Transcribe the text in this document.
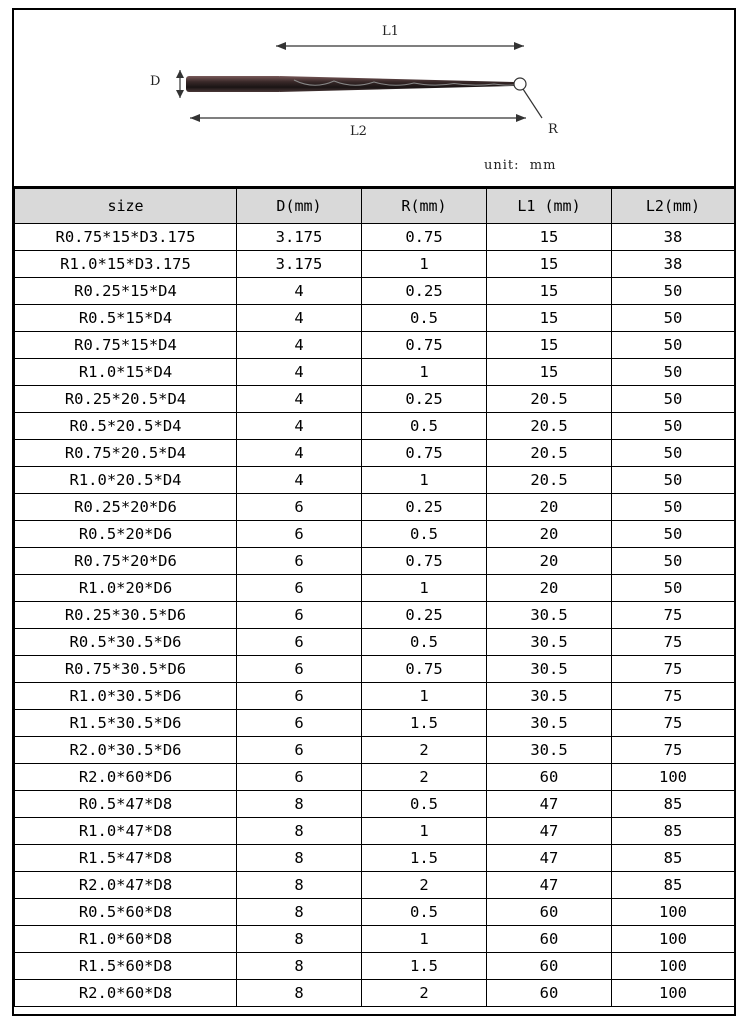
L1
L2
D
R
unit:  mm
size	D(mm)	R(mm)	L1 (mm)	L2(mm)
R0.75*15*D3.175	3.175	0.75	15	38
R1.0*15*D3.175	3.175	1	15	38
R0.25*15*D4	4	0.25	15	50
R0.5*15*D4	4	0.5	15	50
R0.75*15*D4	4	0.75	15	50
R1.0*15*D4	4	1	15	50
R0.25*20.5*D4	4	0.25	20.5	50
R0.5*20.5*D4	4	0.5	20.5	50
R0.75*20.5*D4	4	0.75	20.5	50
R1.0*20.5*D4	4	1	20.5	50
R0.25*20*D6	6	0.25	20	50
R0.5*20*D6	6	0.5	20	50
R0.75*20*D6	6	0.75	20	50
R1.0*20*D6	6	1	20	50
R0.25*30.5*D6	6	0.25	30.5	75
R0.5*30.5*D6	6	0.5	30.5	75
R0.75*30.5*D6	6	0.75	30.5	75
R1.0*30.5*D6	6	1	30.5	75
R1.5*30.5*D6	6	1.5	30.5	75
R2.0*30.5*D6	6	2	30.5	75
R2.0*60*D6	6	2	60	100
R0.5*47*D8	8	0.5	47	85
R1.0*47*D8	8	1	47	85
R1.5*47*D8	8	1.5	47	85
R2.0*47*D8	8	2	47	85
R0.5*60*D8	8	0.5	60	100
R1.0*60*D8	8	1	60	100
R1.5*60*D8	8	1.5	60	100
R2.0*60*D8	8	2	60	100
